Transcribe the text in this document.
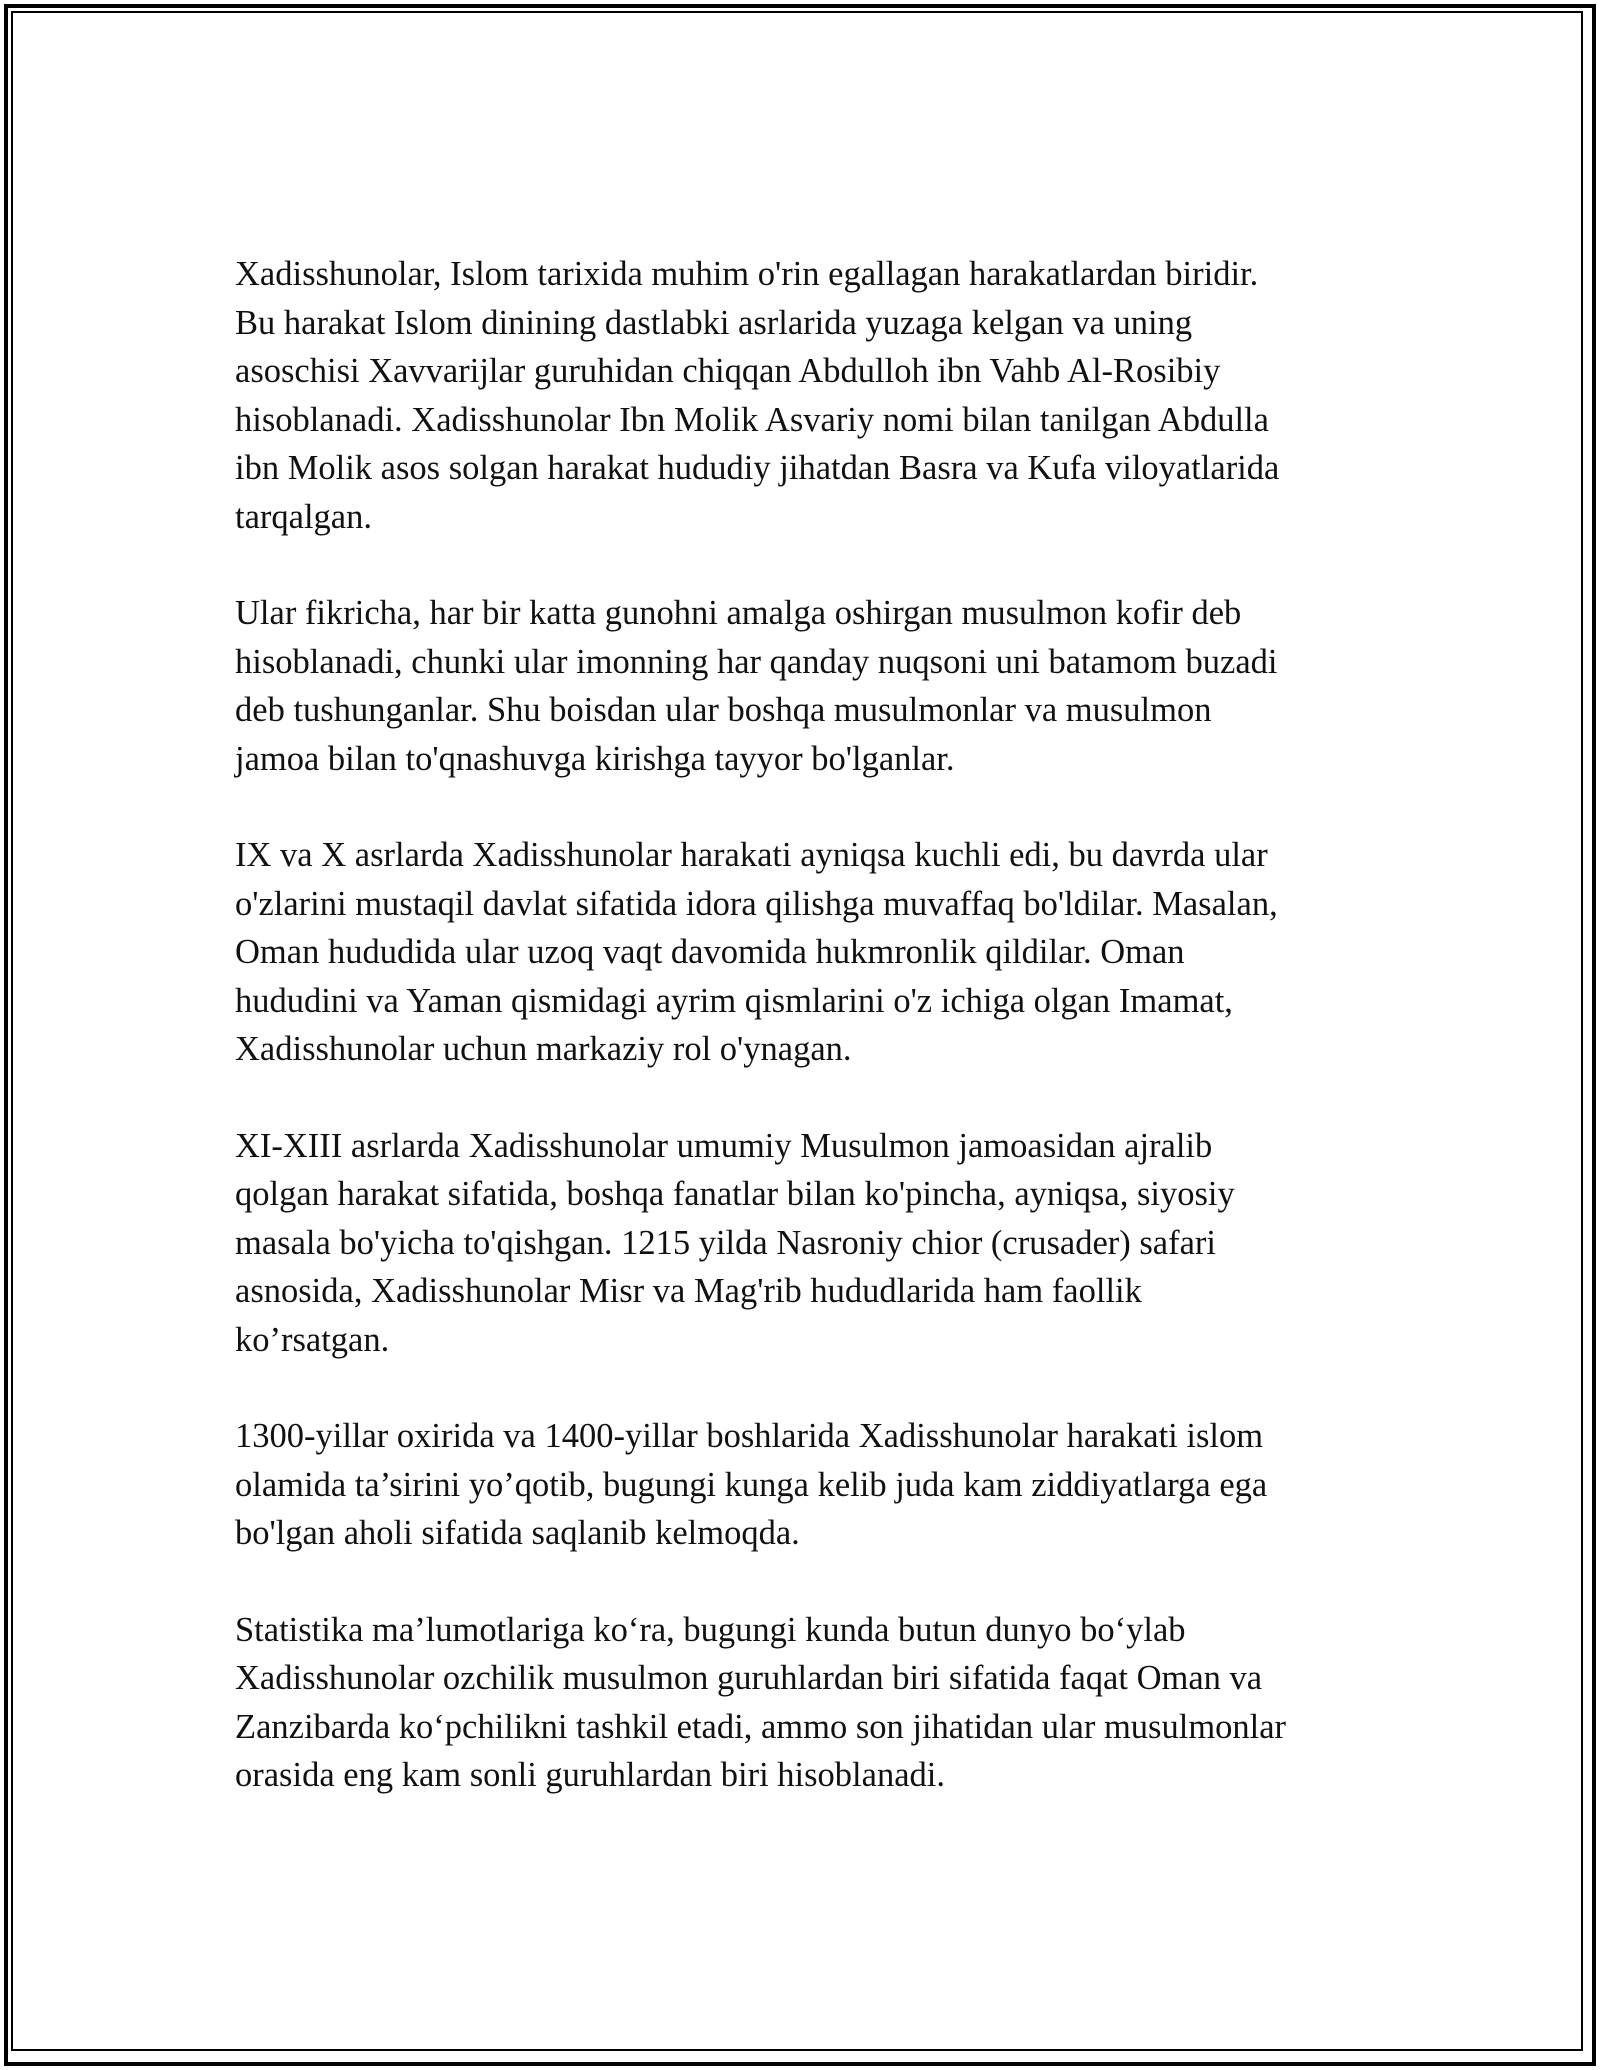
Xadisshunolar, Islom tarixida muhim o'rin egallagan harakatlardan biridir.
Bu harakat Islom dinining dastlabki asrlarida yuzaga kelgan va uning
asoschisi Xavvarijlar guruhidan chiqqan Abdulloh ibn Vahb Al-Rosibiy
hisoblanadi. Xadisshunolar Ibn Molik Asvariy nomi bilan tanilgan Abdulla
ibn Molik asos solgan harakat hududiy jihatdan Basra va Kufa viloyatlarida
tarqalgan.

Ular fikricha, har bir katta gunohni amalga oshirgan musulmon kofir deb
hisoblanadi, chunki ular imonning har qanday nuqsoni uni batamom buzadi
deb tushunganlar. Shu boisdan ular boshqa musulmonlar va musulmon
jamoa bilan to'qnashuvga kirishga tayyor bo'lganlar.

IX va X asrlarda Xadisshunolar harakati ayniqsa kuchli edi, bu davrda ular
o'zlarini mustaqil davlat sifatida idora qilishga muvaffaq bo'ldilar. Masalan,
Oman hududida ular uzoq vaqt davomida hukmronlik qildilar. Oman
hududini va Yaman qismidagi ayrim qismlarini o'z ichiga olgan Imamat,
Xadisshunolar uchun markaziy rol o'ynagan.

XI-XIII asrlarda Xadisshunolar umumiy Musulmon jamoasidan ajralib
qolgan harakat sifatida, boshqa fanatlar bilan ko'pincha, ayniqsa, siyosiy
masala bo'yicha to'qishgan. 1215 yilda Nasroniy chior (crusader) safari
asnosida, Xadisshunolar Misr va Mag'rib hududlarida ham faollik
ko’rsatgan.

1300-yillar oxirida va 1400-yillar boshlarida Xadisshunolar harakati islom
olamida ta’sirini yo’qotib, bugungi kunga kelib juda kam ziddiyatlarga ega
bo'lgan aholi sifatida saqlanib kelmoqda.

Statistika ma’lumotlariga ko‘ra, bugungi kunda butun dunyo bo‘ylab
Xadisshunolar ozchilik musulmon guruhlardan biri sifatida faqat Oman va
Zanzibarda ko‘pchilikni tashkil etadi, ammo son jihatidan ular musulmonlar
orasida eng kam sonli guruhlardan biri hisoblanadi.
